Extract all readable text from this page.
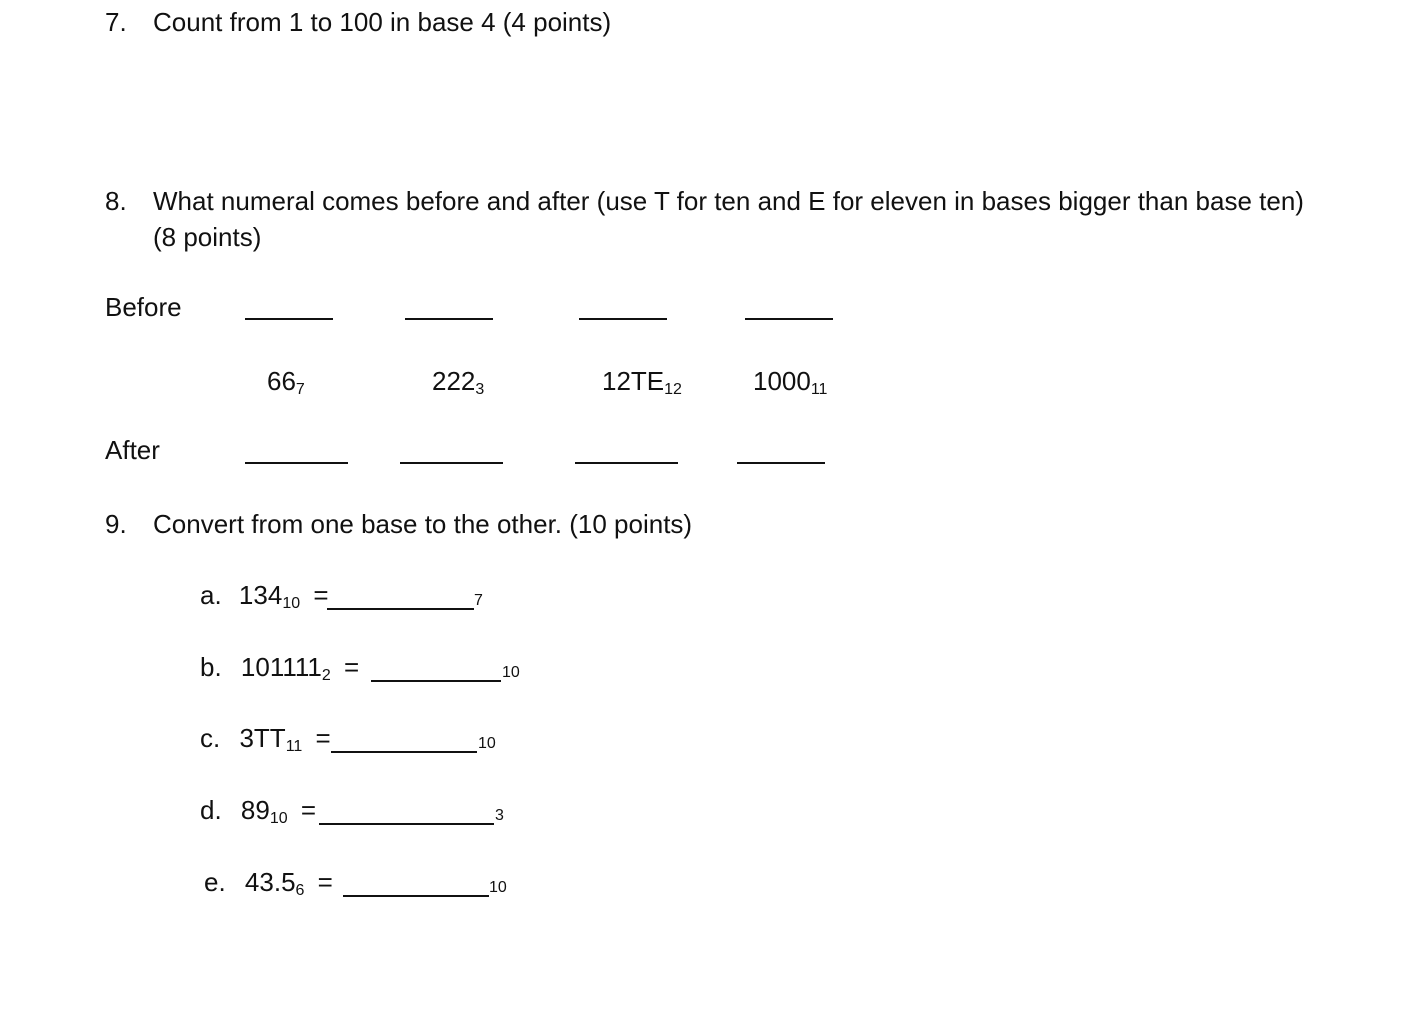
7. Count from 1 to 100 in base 4 (4 points)
8. What numeral comes before and after (use T for ten and E for eleven in bases bigger than base ten)
(8 points)
Before
667	2223	12TE12	100011
After
9. Convert from one base to the other. (10 points)
a. 13410 =	7
b. 1011112 =	10
c. 3TT11 =	10
d. 8910 =	3
e. 43.56 =	10
